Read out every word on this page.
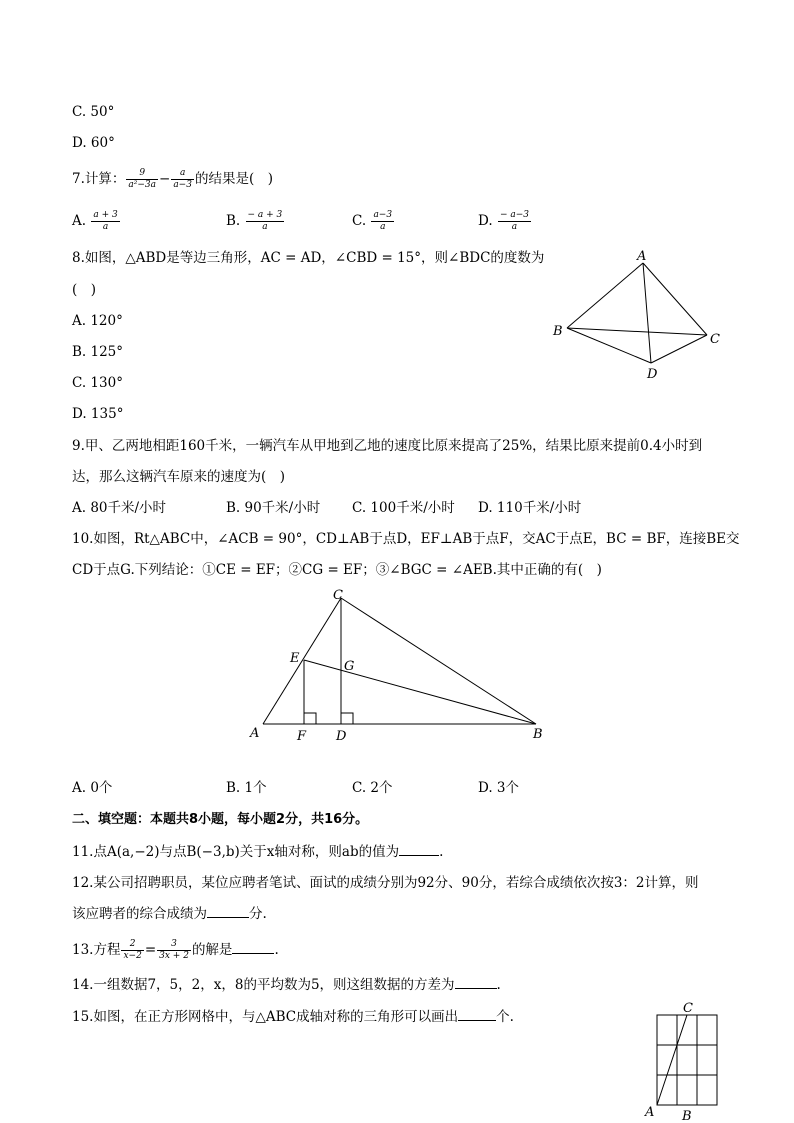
C. 50°
D. 60°
7.计算： $\frac{9}{\text{a²−3a}} - \frac{a}{a-3}$ 的结果是(　)
A. $\frac{a + 3}{a}$	B. $\frac{- a + 3}{a}$	C. $\frac{a-3}{a}$	D. $\frac{- a-3}{a}$
8.如图，△ABD是等边三角形，AC = AD，∠CBD = 15°，则∠BDC的度数为
(　)
A. 120°
B. 125°
C. 130°
D. 135°
A
B
C
D
9.甲、乙两地相距160千米，一辆汽车从甲地到乙地的速度比原来提高了25%，结果比原来提前0.4小时到
达，那么这辆汽车原来的速度为(　)
A. 80千米/小时	B. 90千米/小时 C. 100千米/小时 D. 110千米/小时
10.如图，Rt△ABC中，∠ACB = 90°，CD⊥AB于点D，EF⊥AB于点F，交AC于点E，BC = BF，连接BE交
CD于点G.下列结论：①CE = EF；②CG = EF；③∠BGC = ∠AEB.其中正确的有(　)
A	B
C
D
E
F
G
A. 0个	B. 1个	C. 2个	D. 3个
二、填空题：本题共8小题，每小题2分，共16分。
11.点A(a,−2)与点B(−3,b)关于x轴对称，则ab的值为	.
12.某公司招聘职员，某位应聘者笔试、面试的成绩分别为92分、90分，若综合成绩依次按3：2计算，则
该应聘者的综合成绩为	分.
13.方程 $\frac{2}{x-2} = \frac{3}{3x + 2}$ 的解是	.
14.一组数据7，5，2，x，8的平均数为5，则这组数据的方差为	.
15.如图，在正方形网格中，与△ABC成轴对称的三角形可以画出	个.
C
A B
